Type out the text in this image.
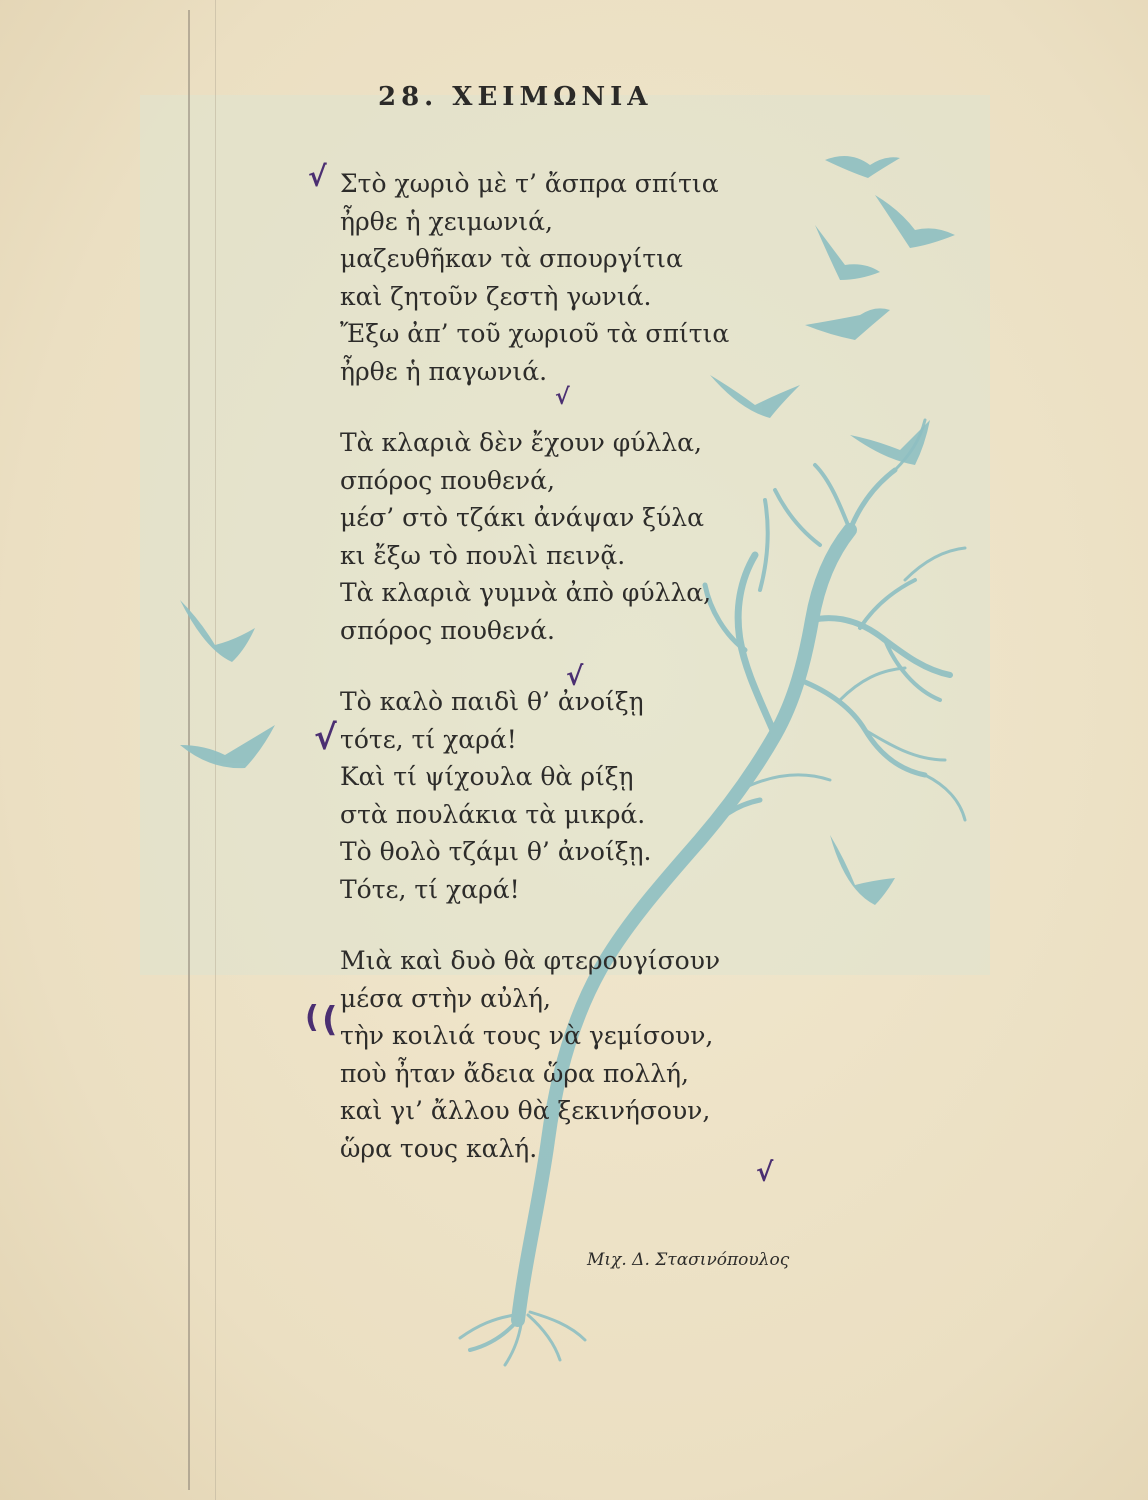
28. ΧΕΙΜΩΝΙΑ
Στὸ χωριὸ μὲ τ’ ἄσπρα σπίτια
ἦρθε ἡ χειμωνιά,
μαζευθῆκαν τὰ σπουργίτια
καὶ ζητοῦν ζεστὴ γωνιά.
Ἔξω ἀπ’ τοῦ χωριοῦ τὰ σπίτια
ἦρθε ἡ παγωνιά.
Τὰ κλαριὰ δὲν ἔχουν φύλλα,
σπόρος πουθενά,
μέσ’ στὸ τζάκι ἀνάψαν ξύλα
κι ἔξω τὸ πουλὶ πεινᾷ.
Τὰ κλαριὰ γυμνὰ ἀπὸ φύλλα,
σπόρος πουθενά.
Τὸ καλὸ παιδὶ θ’ ἀνοίξῃ
τότε, τί χαρά!
Καὶ τί ψίχουλα θὰ ρίξῃ
στὰ πουλάκια τὰ μικρά.
Τὸ θολὸ τζάμι θ’ ἀνοίξῃ.
Τότε, τί χαρά!
Μιὰ καὶ δυὸ θὰ φτερουγίσουν
μέσα στὴν αὐλή,
τὴν κοιλιά τους νὰ γεμίσουν,
ποὺ ἦταν ἄδεια ὥρα πολλή,
καὶ γι’ ἄλλου θὰ ξεκινήσουν,
ὥρα τους καλή.
Μιχ. Δ. Στασινόπουλος
√
√
√
√
√
( (
